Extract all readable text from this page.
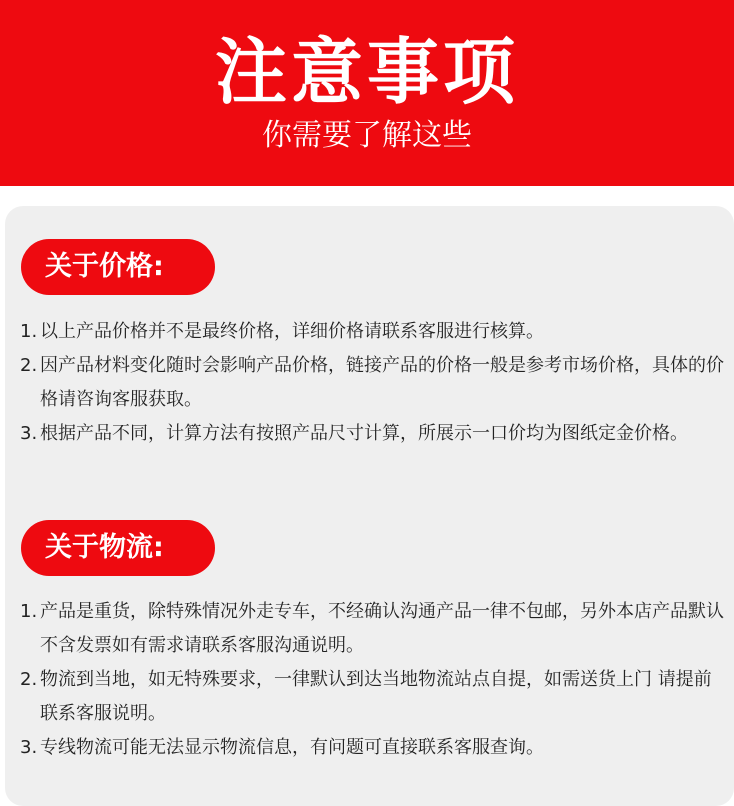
注意事项
你需要了解这些
关于价格:
1. 以上产品价格并不是最终价格，详细价格请联系客服进行核算。
2. 因产品材料变化随时会影响产品价格，链接产品的价格一般是参考市场价格，具体的价格请咨询客服获取。
3. 根据产品不同，计算方法有按照产品尺寸计算，所展示一口价均为图纸定金价格。
关于物流:
1. 产品是重货，除特殊情况外走专车，不经确认沟通产品一律不包邮，另外本店产品默认不含发票如有需求请联系客服沟通说明。
2. 物流到当地，如无特殊要求，一律默认到达当地物流站点自提，如需送货上门 请提前联系客服说明。
3. 专线物流可能无法显示物流信息，有问题可直接联系客服查询。
